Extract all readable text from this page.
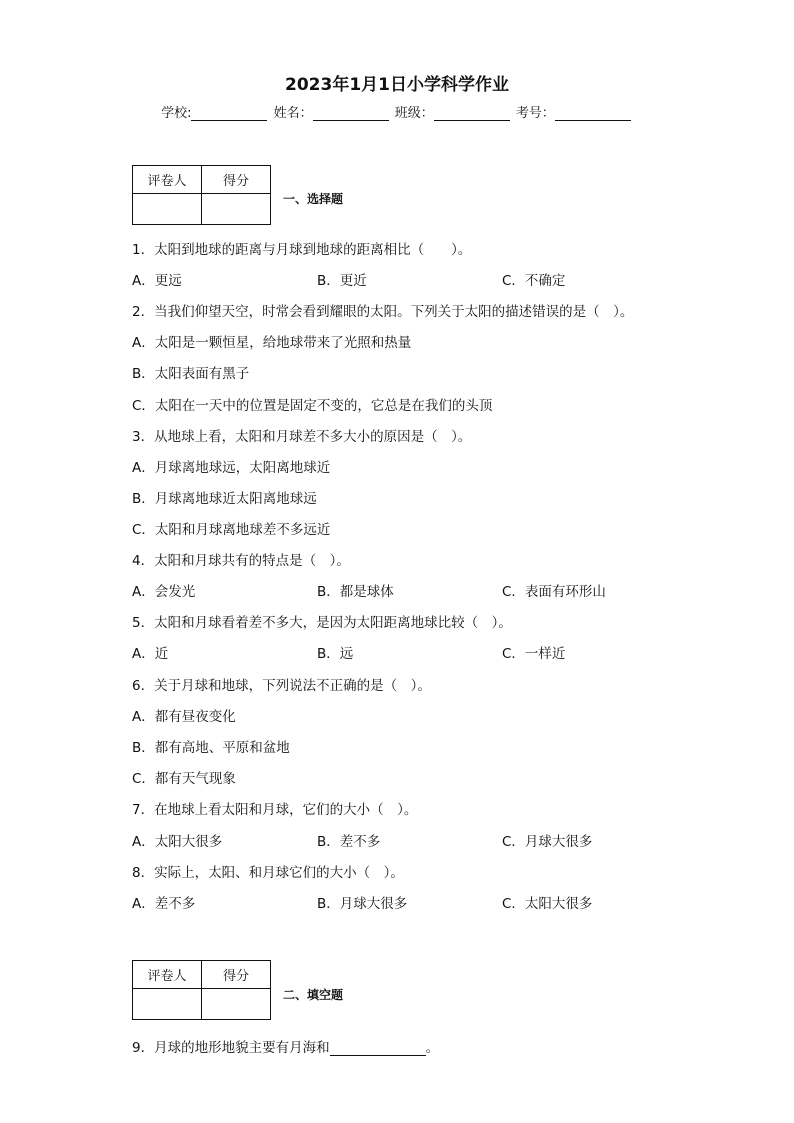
2023年1月1日小学科学作业
学校:	姓名：	班级：	考号：
评卷人	得分

一、选择题
1．太阳到地球的距离与月球到地球的距离相比（　　）。
A．更远	B．更近	C．不确定
2．当我们仰望天空，时常会看到耀眼的太阳。下列关于太阳的描述错误的是（　）。
A．太阳是一颗恒星，给地球带来了光照和热量
B．太阳表面有黑子
C．太阳在一天中的位置是固定不变的，它总是在我们的头顶
3．从地球上看，太阳和月球差不多大小的原因是（　）。
A．月球离地球远，太阳离地球近
B．月球离地球近太阳离地球远
C．太阳和月球离地球差不多远近
4．太阳和月球共有的特点是（　）。
A．会发光	B．都是球体	C．表面有环形山
5．太阳和月球看着差不多大，是因为太阳距离地球比较（　）。
A．近	B．远	C．一样近
6．关于月球和地球，下列说法不正确的是（　）。
A．都有昼夜变化
B．都有高地、平原和盆地
C．都有天气现象
7．在地球上看太阳和月球，它们的大小（　）。
A．太阳大很多	B．差不多	C．月球大很多
8．实际上，太阳、和月球它们的大小（　）。
A．差不多	B．月球大很多	C．太阳大很多
评卷人	得分

二、填空题
9．月球的地形地貌主要有月海和	。
